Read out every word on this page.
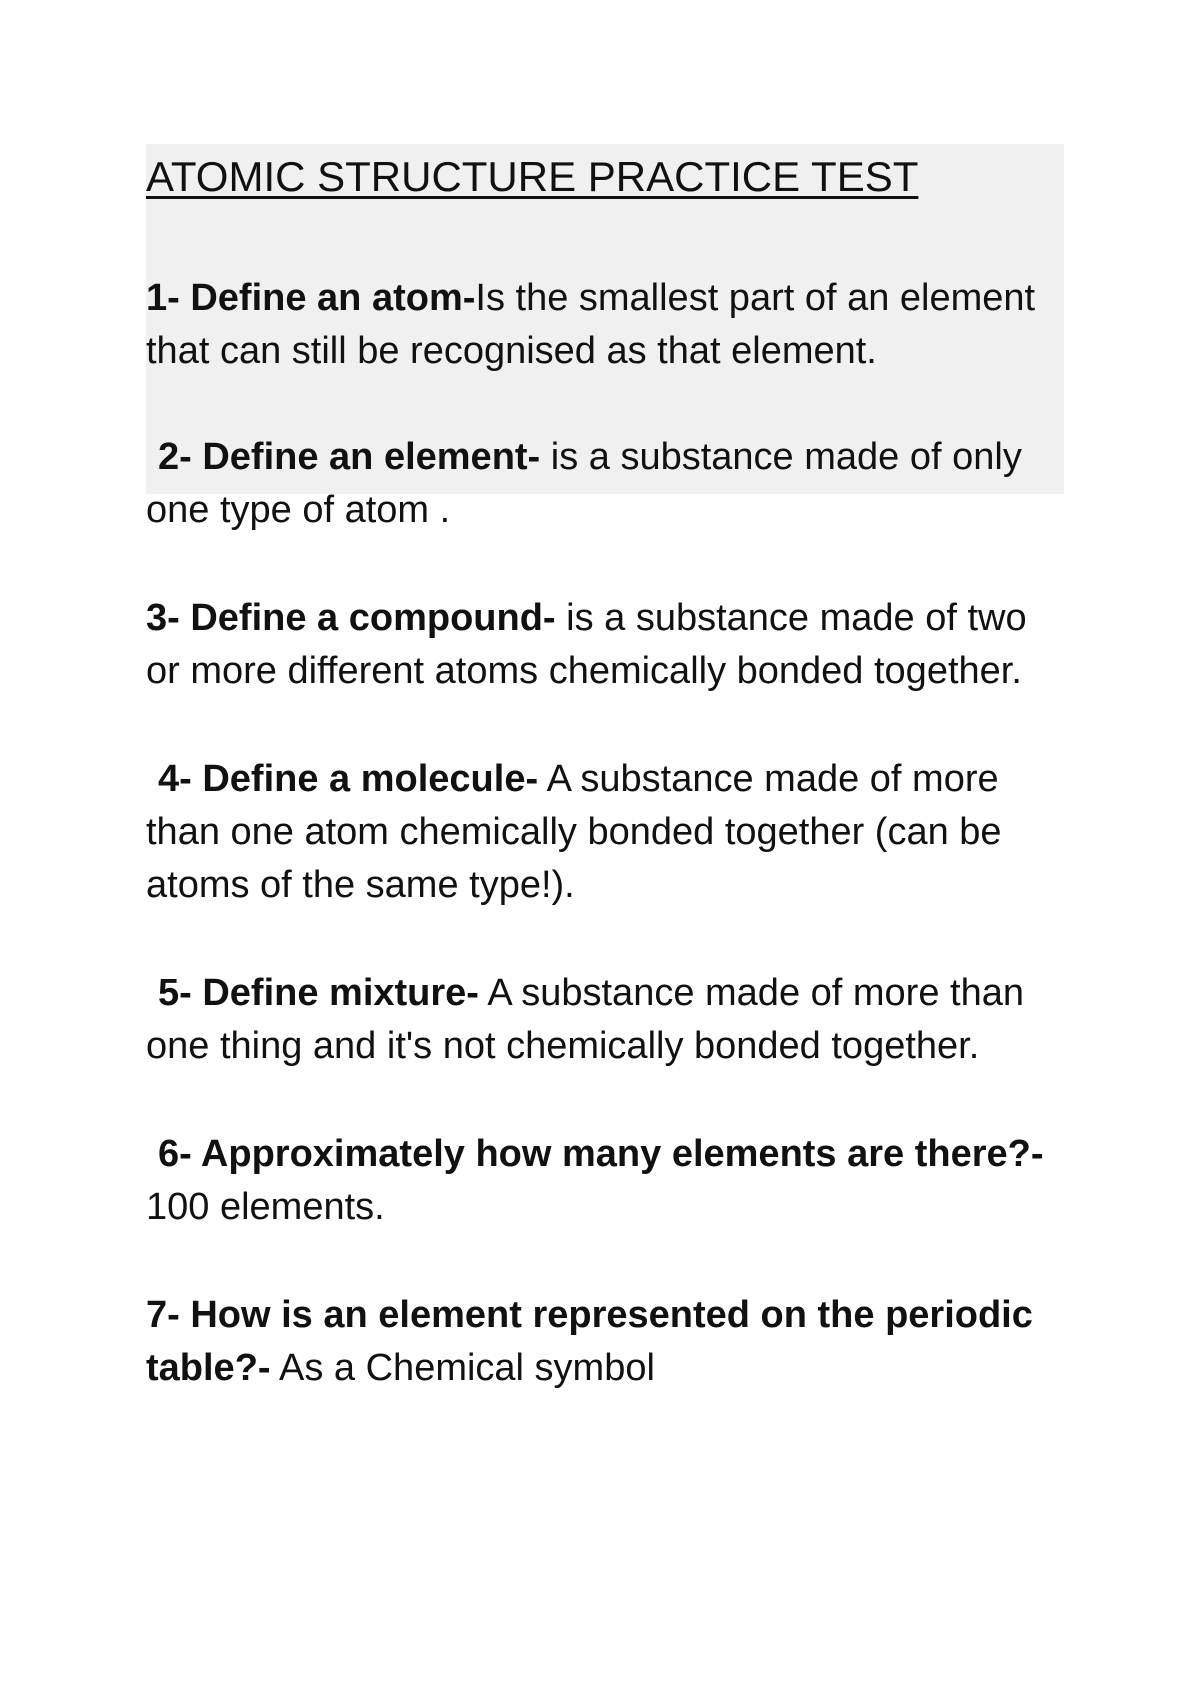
ATOMIC STRUCTURE PRACTICE TEST

1- Define an atom-Is the smallest part of an element that can still be recognised as that element.

2- Define an element- is a substance made of only one type of atom .

3- Define a compound- is a substance made of two or more different atoms chemically bonded together.

4- Define a molecule- A substance made of more than one atom chemically bonded together (can be atoms of the same type!).

5- Define mixture- A substance made of more than one thing and it's not chemically bonded together.

6- Approximately how many elements are there?- 100 elements.

7- How is an element represented on the periodic table?- As a Chemical symbol
